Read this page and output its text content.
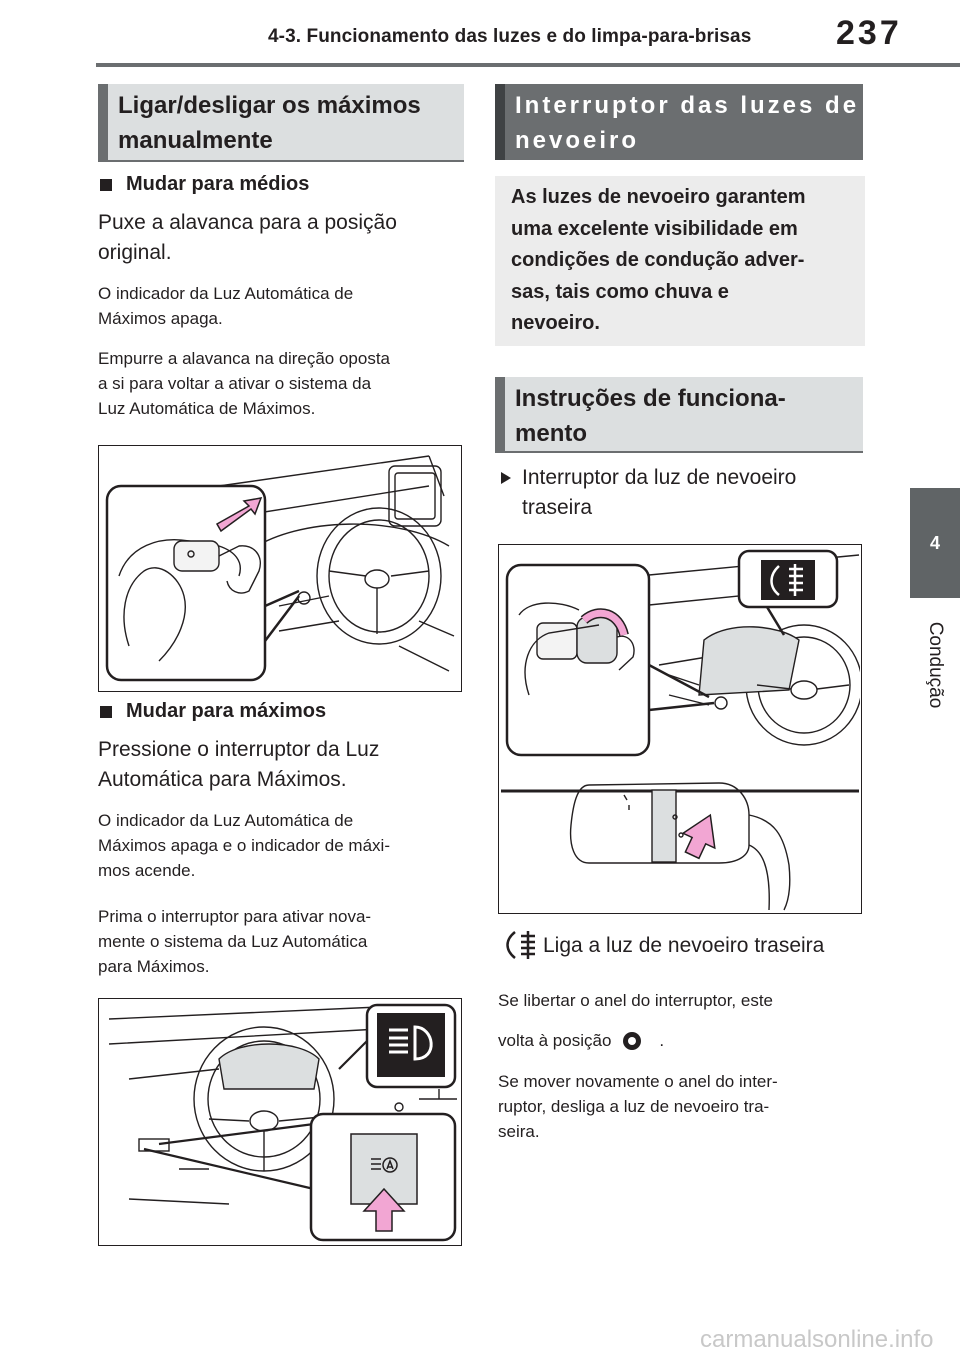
4-3. Funcionamento das luzes e do limpa-para-brisas 237
4
Condução
Ligar/desligar os máximos
manualmente
Mudar para médios
Puxe a alavanca para a posição
original.
O indicador da Luz Automática de
Máximos apaga.
Empurre a alavanca na direção oposta
a si para voltar a ativar o sistema da
Luz Automática de Máximos.
Mudar para máximos
Pressione o interruptor da Luz
Automática para Máximos.
O indicador da Luz Automática de
Máximos apaga e o indicador de máxi-
mos acende.
Prima o interruptor para ativar nova-
mente o sistema da Luz Automática
para Máximos.
Interruptor das luzes de
nevoeiro
As luzes de nevoeiro garantem
uma excelente visibilidade em
condições de condução adver-
sas, tais como chuva e
nevoeiro.
Instruções de funciona-
mento
Interruptor da luz de nevoeiro
traseira
Liga a luz de nevoeiro traseira
Se libertar o anel do interruptor, este
volta à posição	.
Se mover novamente o anel do inter-
ruptor, desliga a luz de nevoeiro tra-
seira.
carmanualsonline.info
